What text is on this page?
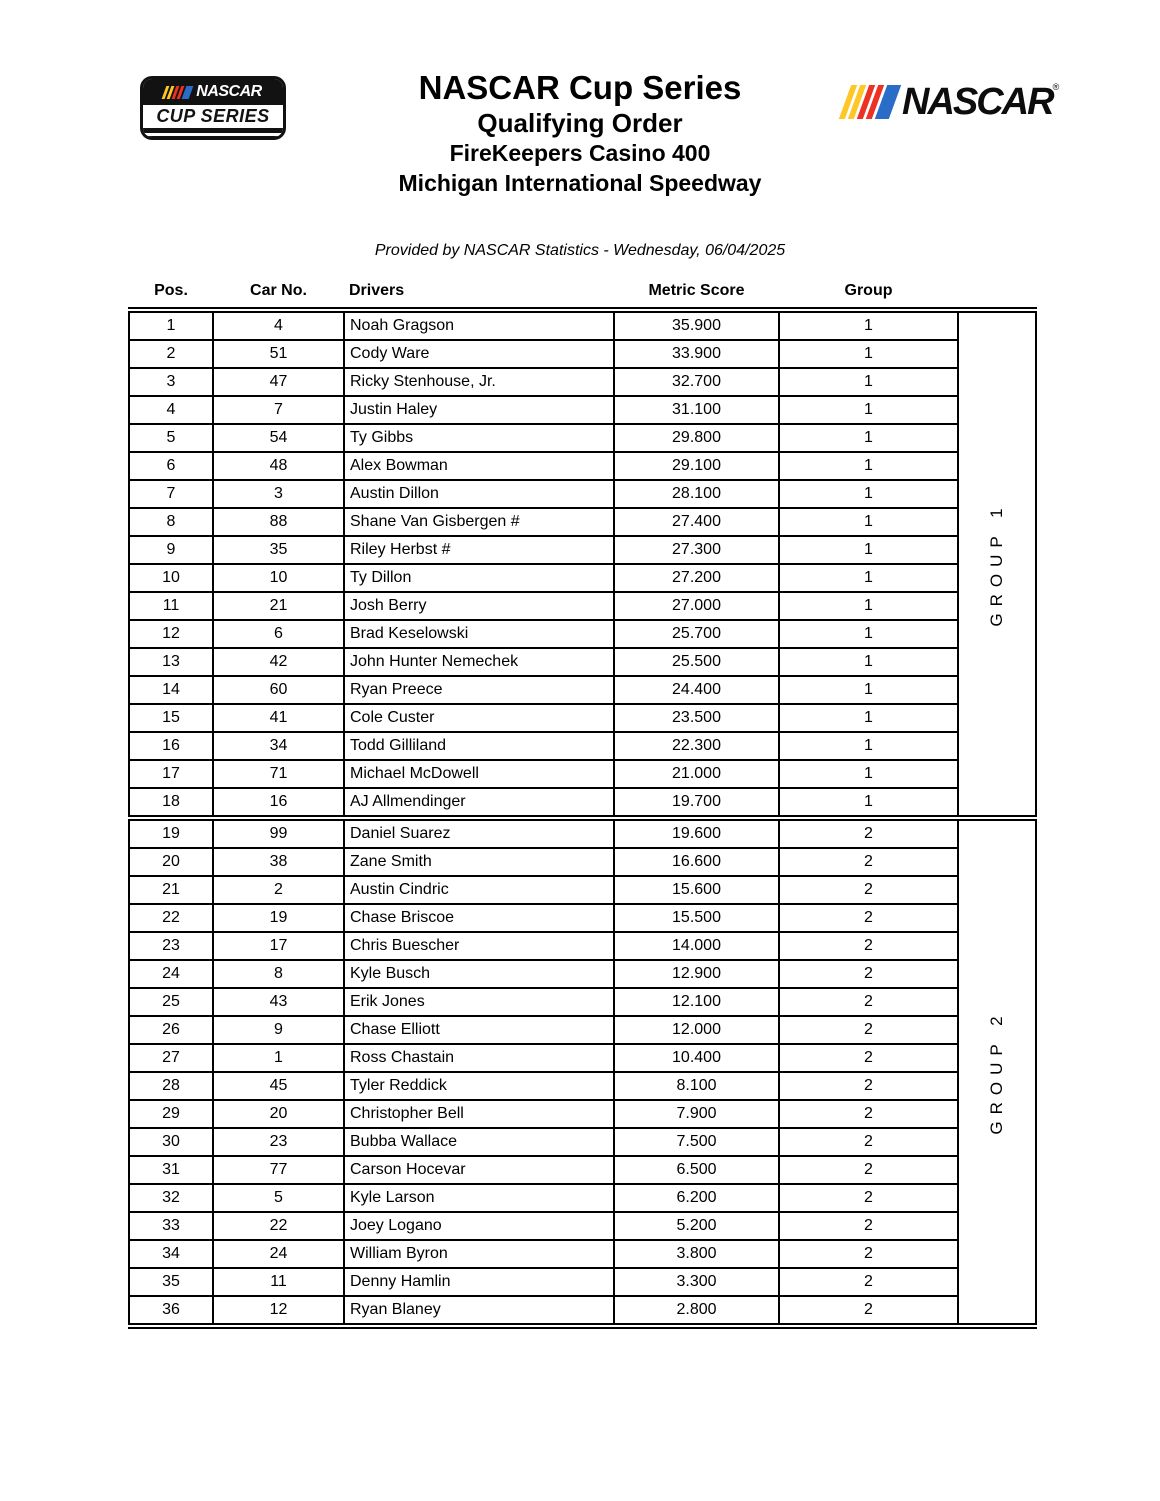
NASCAR
CUP SERIES
NASCAR Cup Series
Qualifying Order
FireKeepers Casino 400
Michigan International Speedway
NASCAR ®

Provided by NASCAR Statistics - Wednesday, 06/04/2025

Pos.	Car No.	Drivers	Metric Score	Group	
1	4	Noah Gragson	35.900	1	GROUP 1

2	51	Cody Ware	33.900	1	
3	47	Ricky Stenhouse, Jr.	32.700	1	
4	7	Justin Haley	31.100	1	
5	54	Ty Gibbs	29.800	1	
6	48	Alex Bowman	29.100	1	
7	3	Austin Dillon	28.100	1	
8	88	Shane Van Gisbergen #	27.400	1	
9	35	Riley Herbst #	27.300	1	
10	10	Ty Dillon	27.200	1	
11	21	Josh Berry	27.000	1	
12	6	Brad Keselowski	25.700	1	
13	42	John Hunter Nemechek	25.500	1	
14	60	Ryan Preece	24.400	1	
15	41	Cole Custer	23.500	1	
16	34	Todd Gilliland	22.300	1	
17	71	Michael McDowell	21.000	1	
18	16	AJ Allmendinger	19.700	1	
19	99	Daniel Suarez	19.600	2	GROUP 2

20	38	Zane Smith	16.600	2	
21	2	Austin Cindric	15.600	2	
22	19	Chase Briscoe	15.500	2	
23	17	Chris Buescher	14.000	2	
24	8	Kyle Busch	12.900	2	
25	43	Erik Jones	12.100	2	
26	9	Chase Elliott	12.000	2	
27	1	Ross Chastain	10.400	2	
28	45	Tyler Reddick	8.100	2	
29	20	Christopher Bell	7.900	2	
30	23	Bubba Wallace	7.500	2	
31	77	Carson Hocevar	6.500	2	
32	5	Kyle Larson	6.200	2	
33	22	Joey Logano	5.200	2	
34	24	William Byron	3.800	2	
35	11	Denny Hamlin	3.300	2	
36	12	Ryan Blaney	2.800	2	
